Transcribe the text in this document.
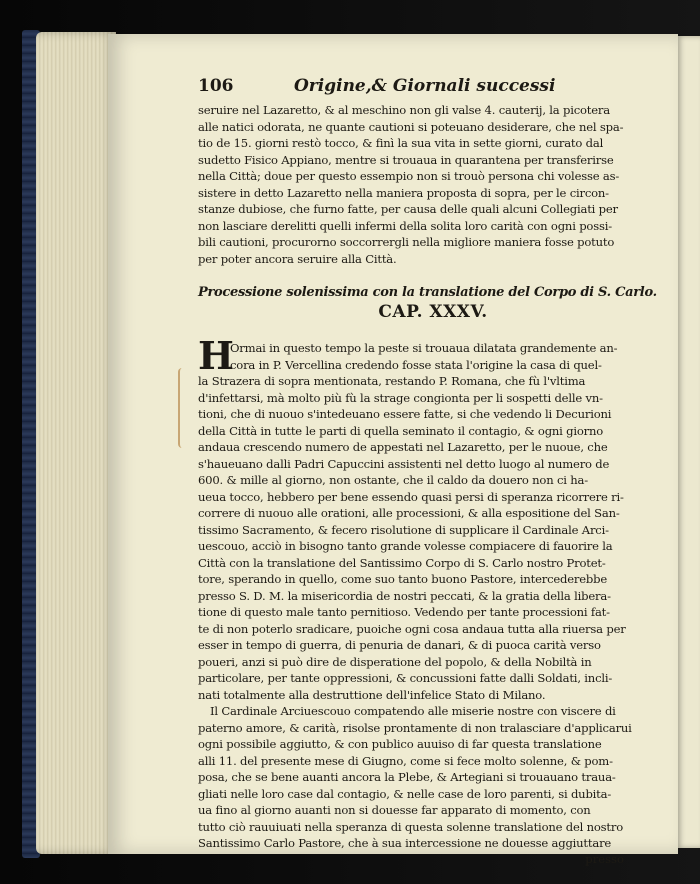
106	Origine,& Giornali successi
seruire nel Lazaretto, & al meschino non gli valse 4. cauterij, la picotera
alle natici odorata, ne quante cautioni si poteuano desiderare, che nel spa-
tio de 15. giorni restò tocco, & finì la sua vita in sette giorni, curato dal
sudetto Fisico Appiano, mentre si trouaua in quarantena per transferirse
nella Città; doue per questo essempio non si trouò persona chi volesse as-
sistere in detto Lazaretto nella maniera proposta di sopra, per le circon-
stanze dubiose, che furno fatte, per causa delle quali alcuni Collegiati per
non lasciare derelitti quelli infermi della solita loro carità con ogni possi-
bili cautioni, procurorno soccorrergli nella migliore maniera fosse potuto
per poter ancora seruire alla Città.
Processione solenissima con la translatione del Corpo di S. Carlo.
CAP. XXXV.
H
Ormai in questo tempo la peste si trouaua dilatata grandemente an-
cora in P. Vercellina credendo fosse stata l'origine la casa di quel-
la Strazera di sopra mentionata, restando P. Romana, che fù l'vltima
d'infettarsi, mà molto più fù la strage congionta per li sospetti delle vn-
tioni, che di nuouo s'intedeuano essere fatte, si che vedendo li Decurioni
della Città in tutte le parti di quella seminato il contagio, & ogni giorno
andaua crescendo numero de appestati nel Lazaretto, per le nuoue, che
s'haueuano dalli Padri Capuccini assistenti nel detto luogo al numero de
600. & mille al giorno, non ostante, che il caldo da douero non ci ha-
ueua tocco, hebbero per bene essendo quasi persi di speranza ricorrere ri-
correre di nuouo alle orationi, alle processioni, & alla espositione del San-
tissimo Sacramento, & fecero risolutione di supplicare il Cardinale Arci-
uescouo, acciò in bisogno tanto grande volesse compiacere di fauorire la
Città con la translatione del Santissimo Corpo di S. Carlo nostro Protet-
tore, sperando in quello, come suo tanto buono Pastore, intercederebbe
presso S. D. M. la misericordia de nostri peccati, & la gratia della libera-
tione di questo male tanto pernitioso. Vedendo per tante processioni fat-
te di non poterlo sradicare, puoiche ogni cosa andaua tutta alla riuersa per
esser in tempo di guerra, di penuria de danari, & di puoca carità verso
poueri, anzi si può dire de disperatione del popolo, & della Nobiltà in
particolare, per tante oppressioni, & concussioni fatte dalli Soldati, incli-
nati totalmente alla destruttione dell'infelice Stato di Milano.
Il Cardinale Arciuescouo compatendo alle miserie nostre con viscere di
paterno amore, & carità, risolse prontamente di non tralasciare d'applicarui
ogni possibile aggiutto, & con publico auuiso di far questa translatione
alli 11. del presente mese di Giugno, come si fece molto solenne, & pom-
posa, che se bene auanti ancora la Plebe, & Artegiani si trouauano traua-
gliati nelle loro case dal contagio, & nelle case de loro parenti, si dubita-
ua fino al giorno auanti non si douesse far apparato di momento, con
tutto ciò rauuiuati nella speranza di questa solenne translatione del nostro
Santissimo Carlo Pastore, che à sua intercessione ne douesse aggiuttare
presso
